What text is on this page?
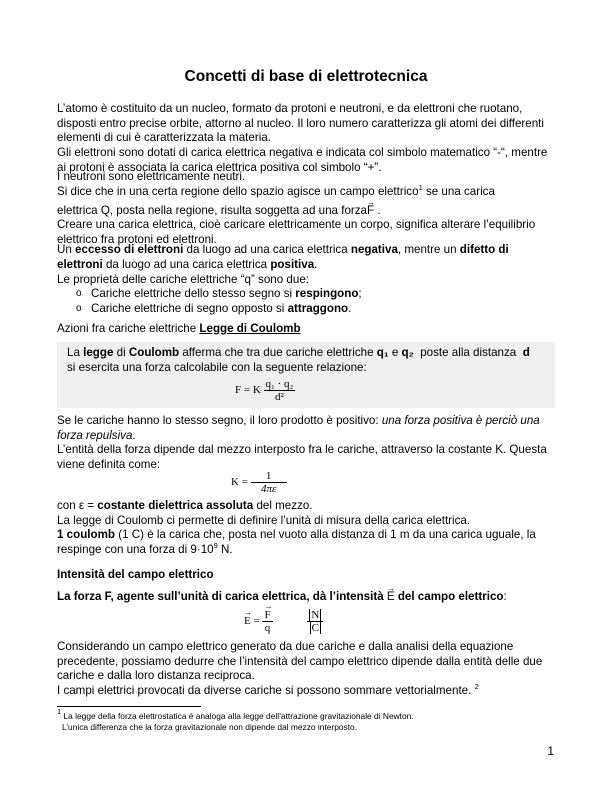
Concetti di base di elettrotecnica

L’atomo è costituito da un nucleo, formato da protoni e neutroni, e da elettroni che ruotano, disposti entro precise orbite, attorno al nucleo. Il loro numero caratterizza gli atomi dei differenti elementi di cui è caratterizzata la materia.

Gli elettroni sono dotati di carica elettrica negativa e indicata col simbolo matematico “-“, mentre ai protoni è associata la carica elettrica positiva col simbolo “+”.

I neutroni sono elettricamente neutri.

Si dice che in una certa regione dello spazio agisce un campo elettrico$^1$ se una carica
elettrica Q, posta nella regione, risulta soggetta ad una forza→ F .

Creare una carica elettrica, cioè caricare elettricamente un corpo, significa alterare l’equilibrio elettrico fra protoni ed elettroni.

Un eccesso di elettroni da luogo ad una carica elettrica negativa, mentre un difetto di elettroni da luogo ad una carica elettrica positiva.

Le proprietà delle cariche elettriche “q” sono due:

o Cariche elettriche dello stesso segno si respingono;
o Cariche elettriche di segno opposto si attraggono.

Azioni fra cariche elettriche Legge di Coulomb

La legge di Coulomb afferma che tra due cariche elettriche q₁ e q₂  poste alla distanza  d
si esercita una forza calcolabile con la seguente relazione:
F = K $\frac{\text{q₁ · q₂}}{\text{d²}}$

Se le cariche hanno lo stesso segno, il loro prodotto è positivo: una forza positiva è perciò una forza repulsiva.

L’entità della forza dipende dal mezzo interposto fra le cariche, attraverso la costante K. Questa viene definita come:

$K = \frac{1}{4\pi\varepsilon}$

con ε = costante dielettrica assoluta del mezzo.

La legge di Coulomb ci permette di definire l’unità di misura della carica elettrica.

1 coulomb (1 C) è la carica che, posta nel vuoto alla distanza di 1 m da una carica uguale, la respinge con una forza di $9\cdot 10^9$ N.

Intensità del campo elettrico

La forza F, agente sull’unità di carica elettrica, dà l’intensità → E del campo elettrico:

→ E =
→ $\frac{F}{q}$
	$\frac{N}{C}$

Considerando un campo elettrico generato da due cariche e dalla analisi della equazione precedente, possiamo dedurre che l’intensità del campo elettrico dipende dalla entità delle due cariche e dalla loro distanza reciproca.

I campi elettrici provocati da diverse cariche si possono sommare vettorialmente. $^2$

$^1$ La legge della forza elettrostatica è analoga alla legge dell’attrazione gravitazionale di Newton.
L’unica differenza che la forza gravitazionale non dipende dal mezzo interposto.
1
